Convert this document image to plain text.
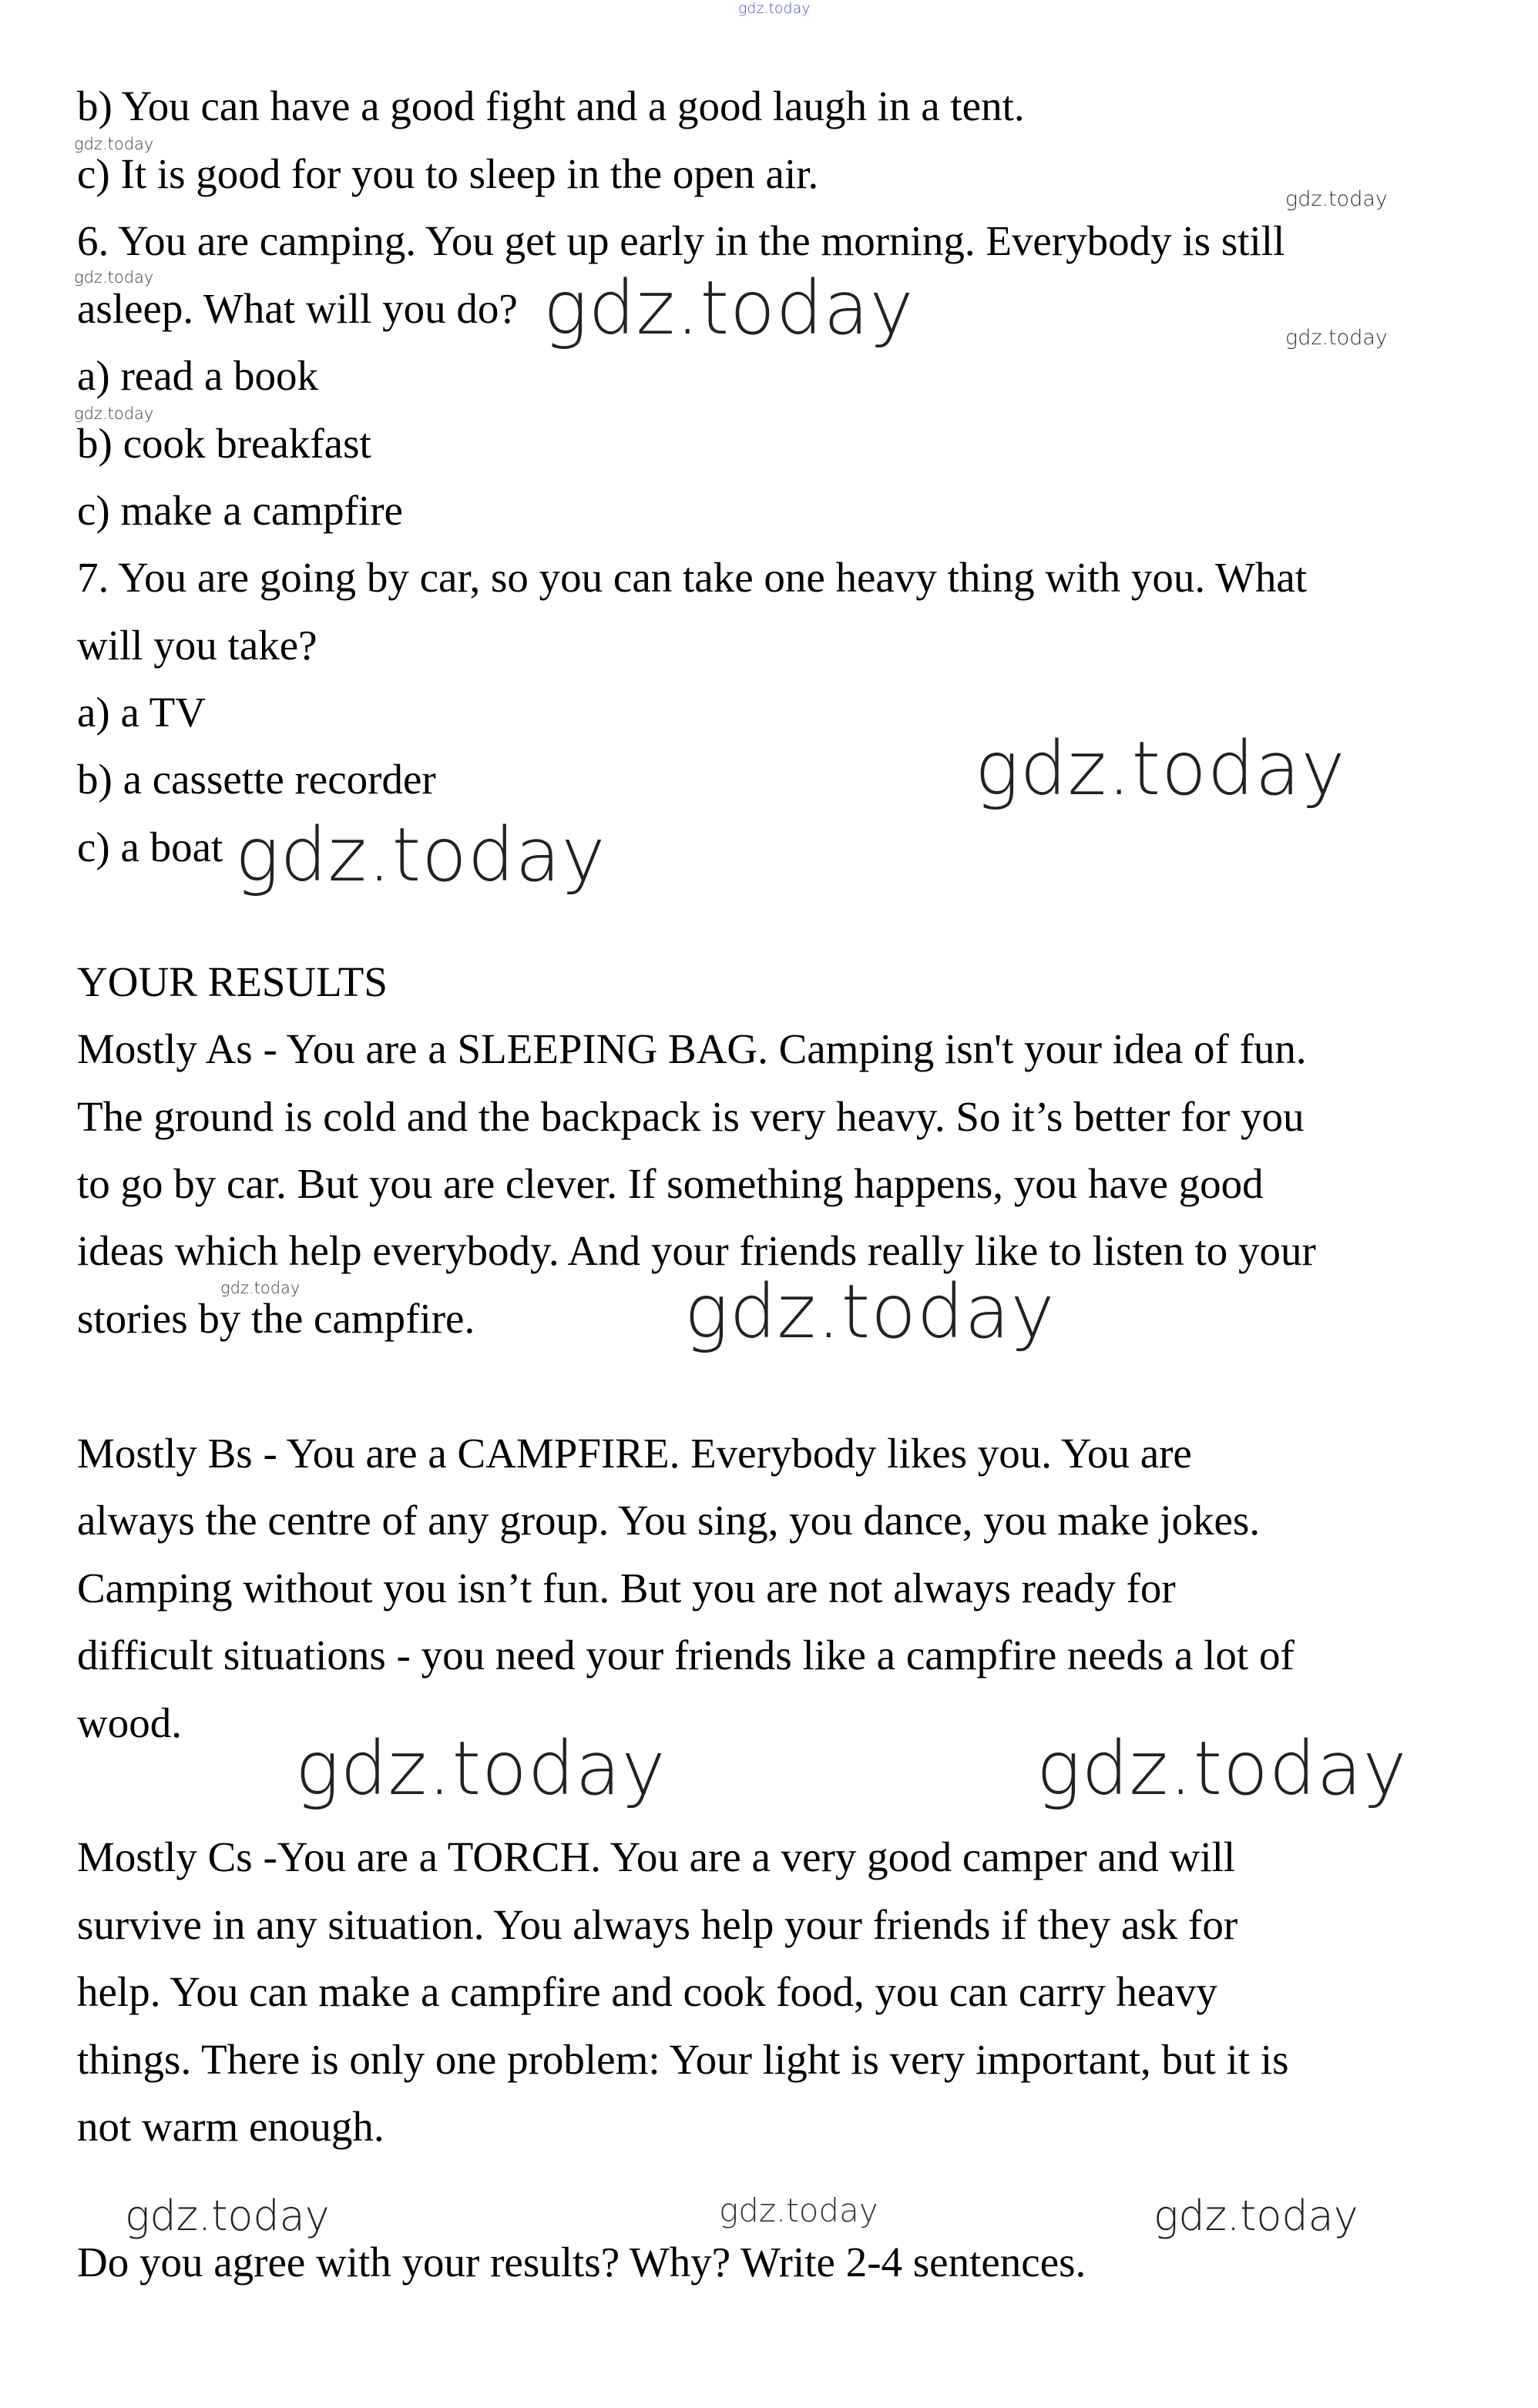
gdz.today
b) You can have a good fight and a good laugh in a tent.
c) It is good for you to sleep in the open air.
6. You are camping. You get up early in the morning. Everybody is still
asleep. What will you do?
a) read a book
b) cook breakfast
c) make a campfire
7. You are going by car, so you can take one heavy thing with you. What
will you take?
a) a TV
b) a cassette recorder
c) a boat
YOUR RESULTS
Mostly As - You are a SLEEPING BAG. Camping isn't your idea of fun.
The ground is cold and the backpack is very heavy. So it’s better for you
to go by car. But you are clever. If something happens, you have good
ideas which help everybody. And your friends really like to listen to your
stories by the campfire.
Mostly Bs - You are a CAMPFIRE. Everybody likes you. You are
always the centre of any group. You sing, you dance, you make jokes.
Camping without you isn’t fun. But you are not always ready for
difficult situations - you need your friends like a campfire needs a lot of
wood.
Mostly Cs -You are a TORCH. You are a very good camper and will
survive in any situation. You always help your friends if they ask for
help. You can make a campfire and cook food, you can carry heavy
things. There is only one problem: Your light is very important, but it is
not warm enough.
Do you agree with your results? Why? Write 2-4 sentences.
gdz.today
gdz.today
gdz.today	gdz.today	gdz.today
gdz.today
gdz.today
gdz.today
gdz.today	gdz.today
gdz.today	gdz.today
gdz.today	gdz.today	gdz.today
